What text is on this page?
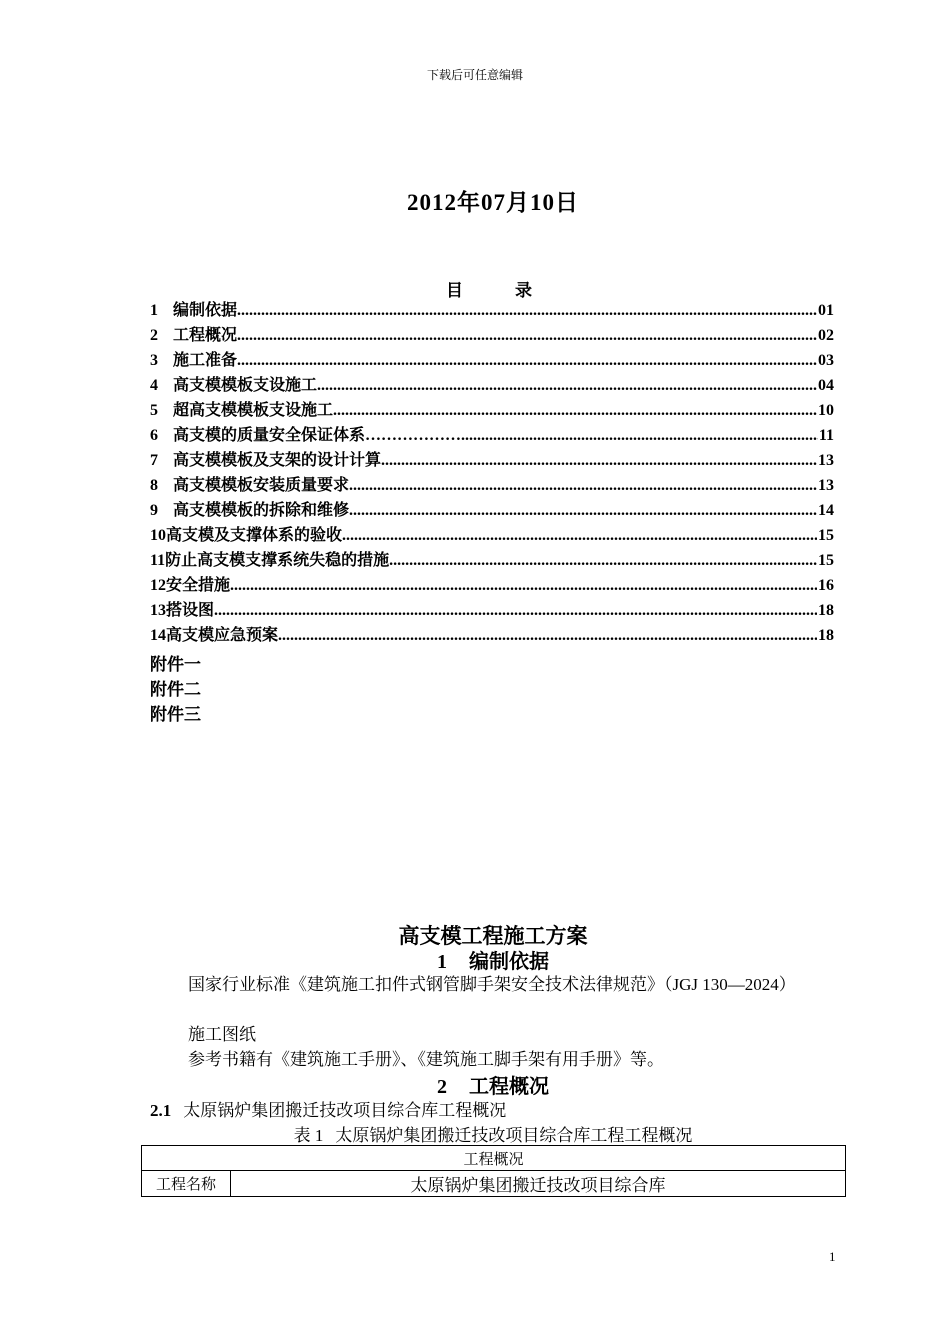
下载后可任意编辑
2012年07月10日
目	录
1 编制依据 .....	01
2 工程概况 .....	02
3 施工准备 .....	03
4 高支模模板支设施工 .....	04
5 超高支模模板支设施工 .....	10
6 高支模的质量安全保证体系……………… .....	11
7 高支模模板及支架的设计计算 .....	13
8 高支模模板安装质量要求 .....	13
9 高支模模板的拆除和维修 .....	14
10 高支模及支撑体系的验收 .....	15
11 防止高支模支撑系统失稳的措施 .....	15
12 安全措施 .....	16
13 搭设图 .....	18
14 高支模应急预案 .....	18
附件一
附件二
附件三
高支模工程施工方案
1 编制依据
国家行业标准《建筑施工扣件式钢管脚手架安全技术法律规范》（JGJ 130—2024）
施工图纸
参考书籍有《建筑施工手册》、《建筑施工脚手架有用手册》等。
2 工程概况
2.1 太原锅炉集团搬迁技改项目综合库工程概况
表 1 太原锅炉集团搬迁技改项目综合库工程工程概况
工程概况
工程名称	太原锅炉集团搬迁技改项目综合库
1
